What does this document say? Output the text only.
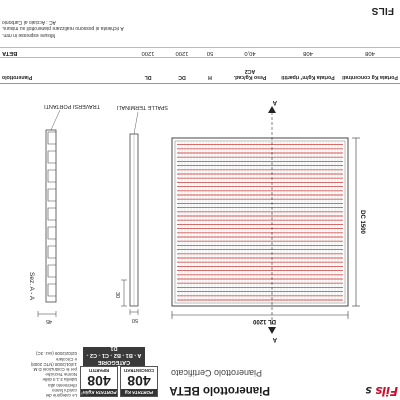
Fils S
Pianerottolo BETA
Pianerottolo Certificato
PORTATA Kg
408
CONCENTRATI
PORTATA Kg/m²
408
RIPARTITI
CATEGORIE
A - B1 - B2 - C1 - C2 - D1
Le categorie dei
carichi fanno
riferimento alla
tabella 3.1.II delle
Norme Tecniche
per le Costruzioni D.M.
14/01/2008 (NTC 2008)
e Circolare
02/02/2009 (sez. 3C)
DL 1200
DC 1500
A
A
50
30
SPALLE TERMINALI
45
Sez. A - A
TRAVERSI PORTANTI
Portata Kg concentrati
Portata Kg/m² ripartiti
Peso Kg/cad. AC2
H
DC
DL
Pianerottolo
408
408
40,0
50
1200
1200
BETA
Misure espresse in mm.
A richiesta si possono realizzare pianerottoli su misura.
AC : Acciaio al Carbonio
FILS
